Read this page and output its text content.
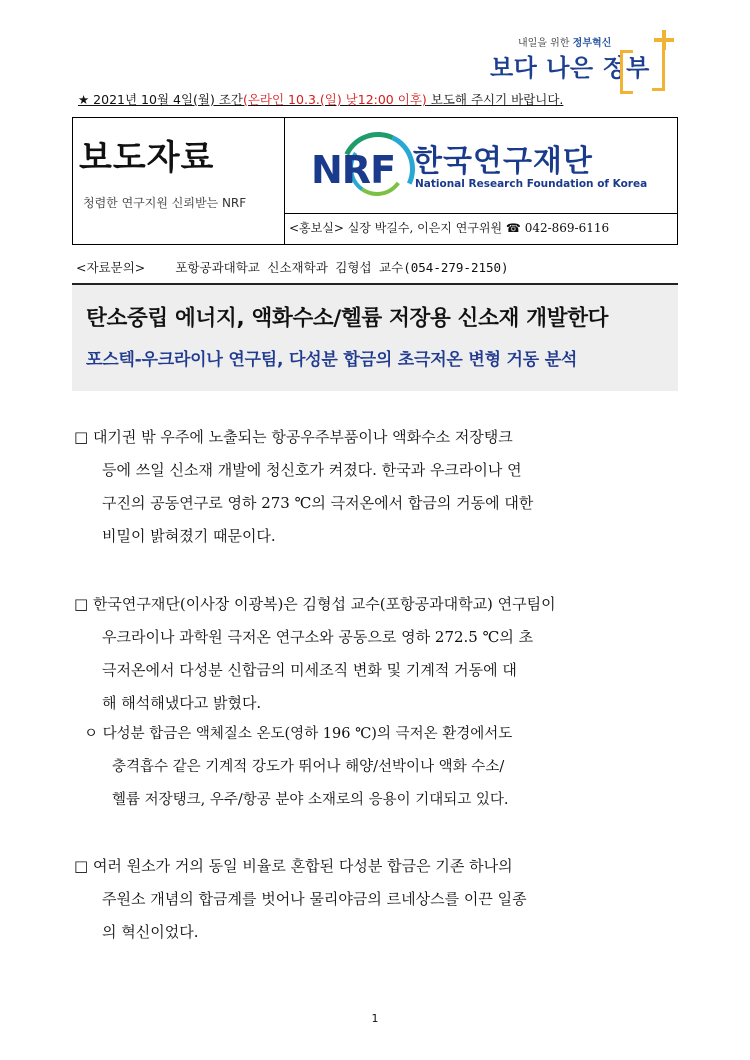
내일을 위한 정부혁신
보다 나은 정부
★ 2021년 10월 4일(월) 조간(온라인 10.3.(일) 낮12:00 이후) 보도해 주시기 바랍니다.
보도자료
청렴한 연구지원 신뢰받는 NRF
NRF 한국연구재단
National Research Foundation of Korea
<홍보실> 실장 박길수, 이은지 연구위원 ☎ 042-869-6116
<자료문의> 포항공과대학교 신소재학과 김형섭 교수(054-279-2150)
탄소중립 에너지, 액화수소/헬륨 저장용 신소재 개발한다
포스텍-우크라이나 연구팀, 다성분 합금의 초극저온 변형 거동 분석
□ 대기권 밖 우주에 노출되는 항공우주부품이나 액화수소 저장탱크
등에 쓰일 신소재 개발에 청신호가 켜졌다. 한국과 우크라이나 연
구진의 공동연구로 영하 273 ℃의 극저온에서 합금의 거동에 대한
비밀이 밝혀졌기 때문이다.
□ 한국연구재단(이사장 이광복)은 김형섭 교수(포항공과대학교) 연구팀이
우크라이나 과학원 극저온 연구소와 공동으로 영하 272.5 ℃의 초
극저온에서 다성분 신합금의 미세조직 변화 및 기계적 거동에 대
해 해석해냈다고 밝혔다.
ㅇ 다성분 합금은 액체질소 온도(영하 196 ℃)의 극저온 환경에서도
충격흡수 같은 기계적 강도가 뛰어나 해양/선박이나 액화 수소/
헬륨 저장탱크, 우주/항공 분야 소재로의 응용이 기대되고 있다.
□ 여러 원소가 거의 동일 비율로 혼합된 다성분 합금은 기존 하나의
주원소 개념의 합금계를 벗어나 물리야금의 르네상스를 이끈 일종
의 혁신이었다.
1
